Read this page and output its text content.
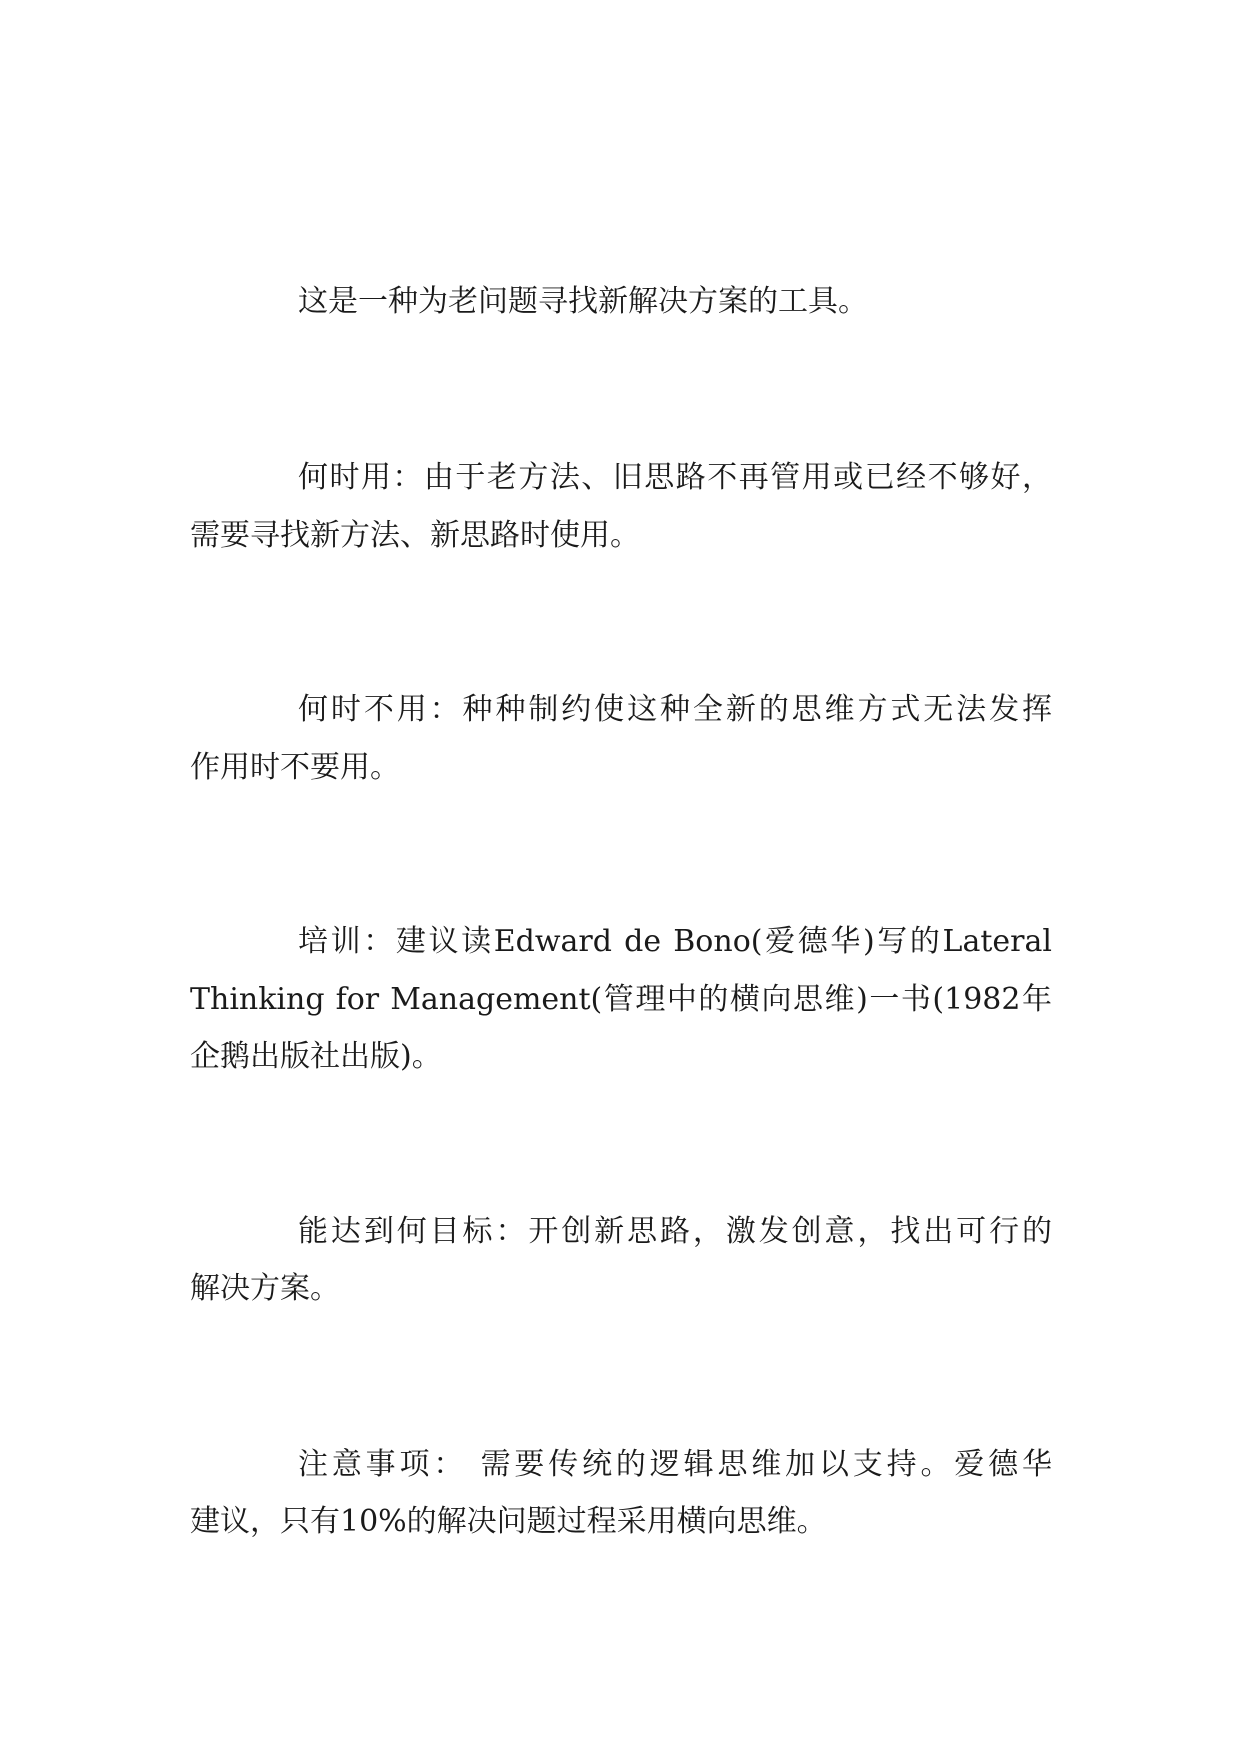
这是一种为老问题寻找新解决方案的工具。
何时用：由于老方法、旧思路不再管用或已经不够好，
需要寻找新方法、新思路时使用。
何时不用：种种制约使这种全新的思维方式无法发挥
作用时不要用。
培训：建议读Edward de Bono(爱德华)写的Lateral
Thinking for Management(管理中的横向思维)一书(1982年
企鹅出版社出版)。
能达到何目标：开创新思路，激发创意，找出可行的
解决方案。
注意事项： 需要传统的逻辑思维加以支持。爱德华
建议，只有10%的解决问题过程采用横向思维。
